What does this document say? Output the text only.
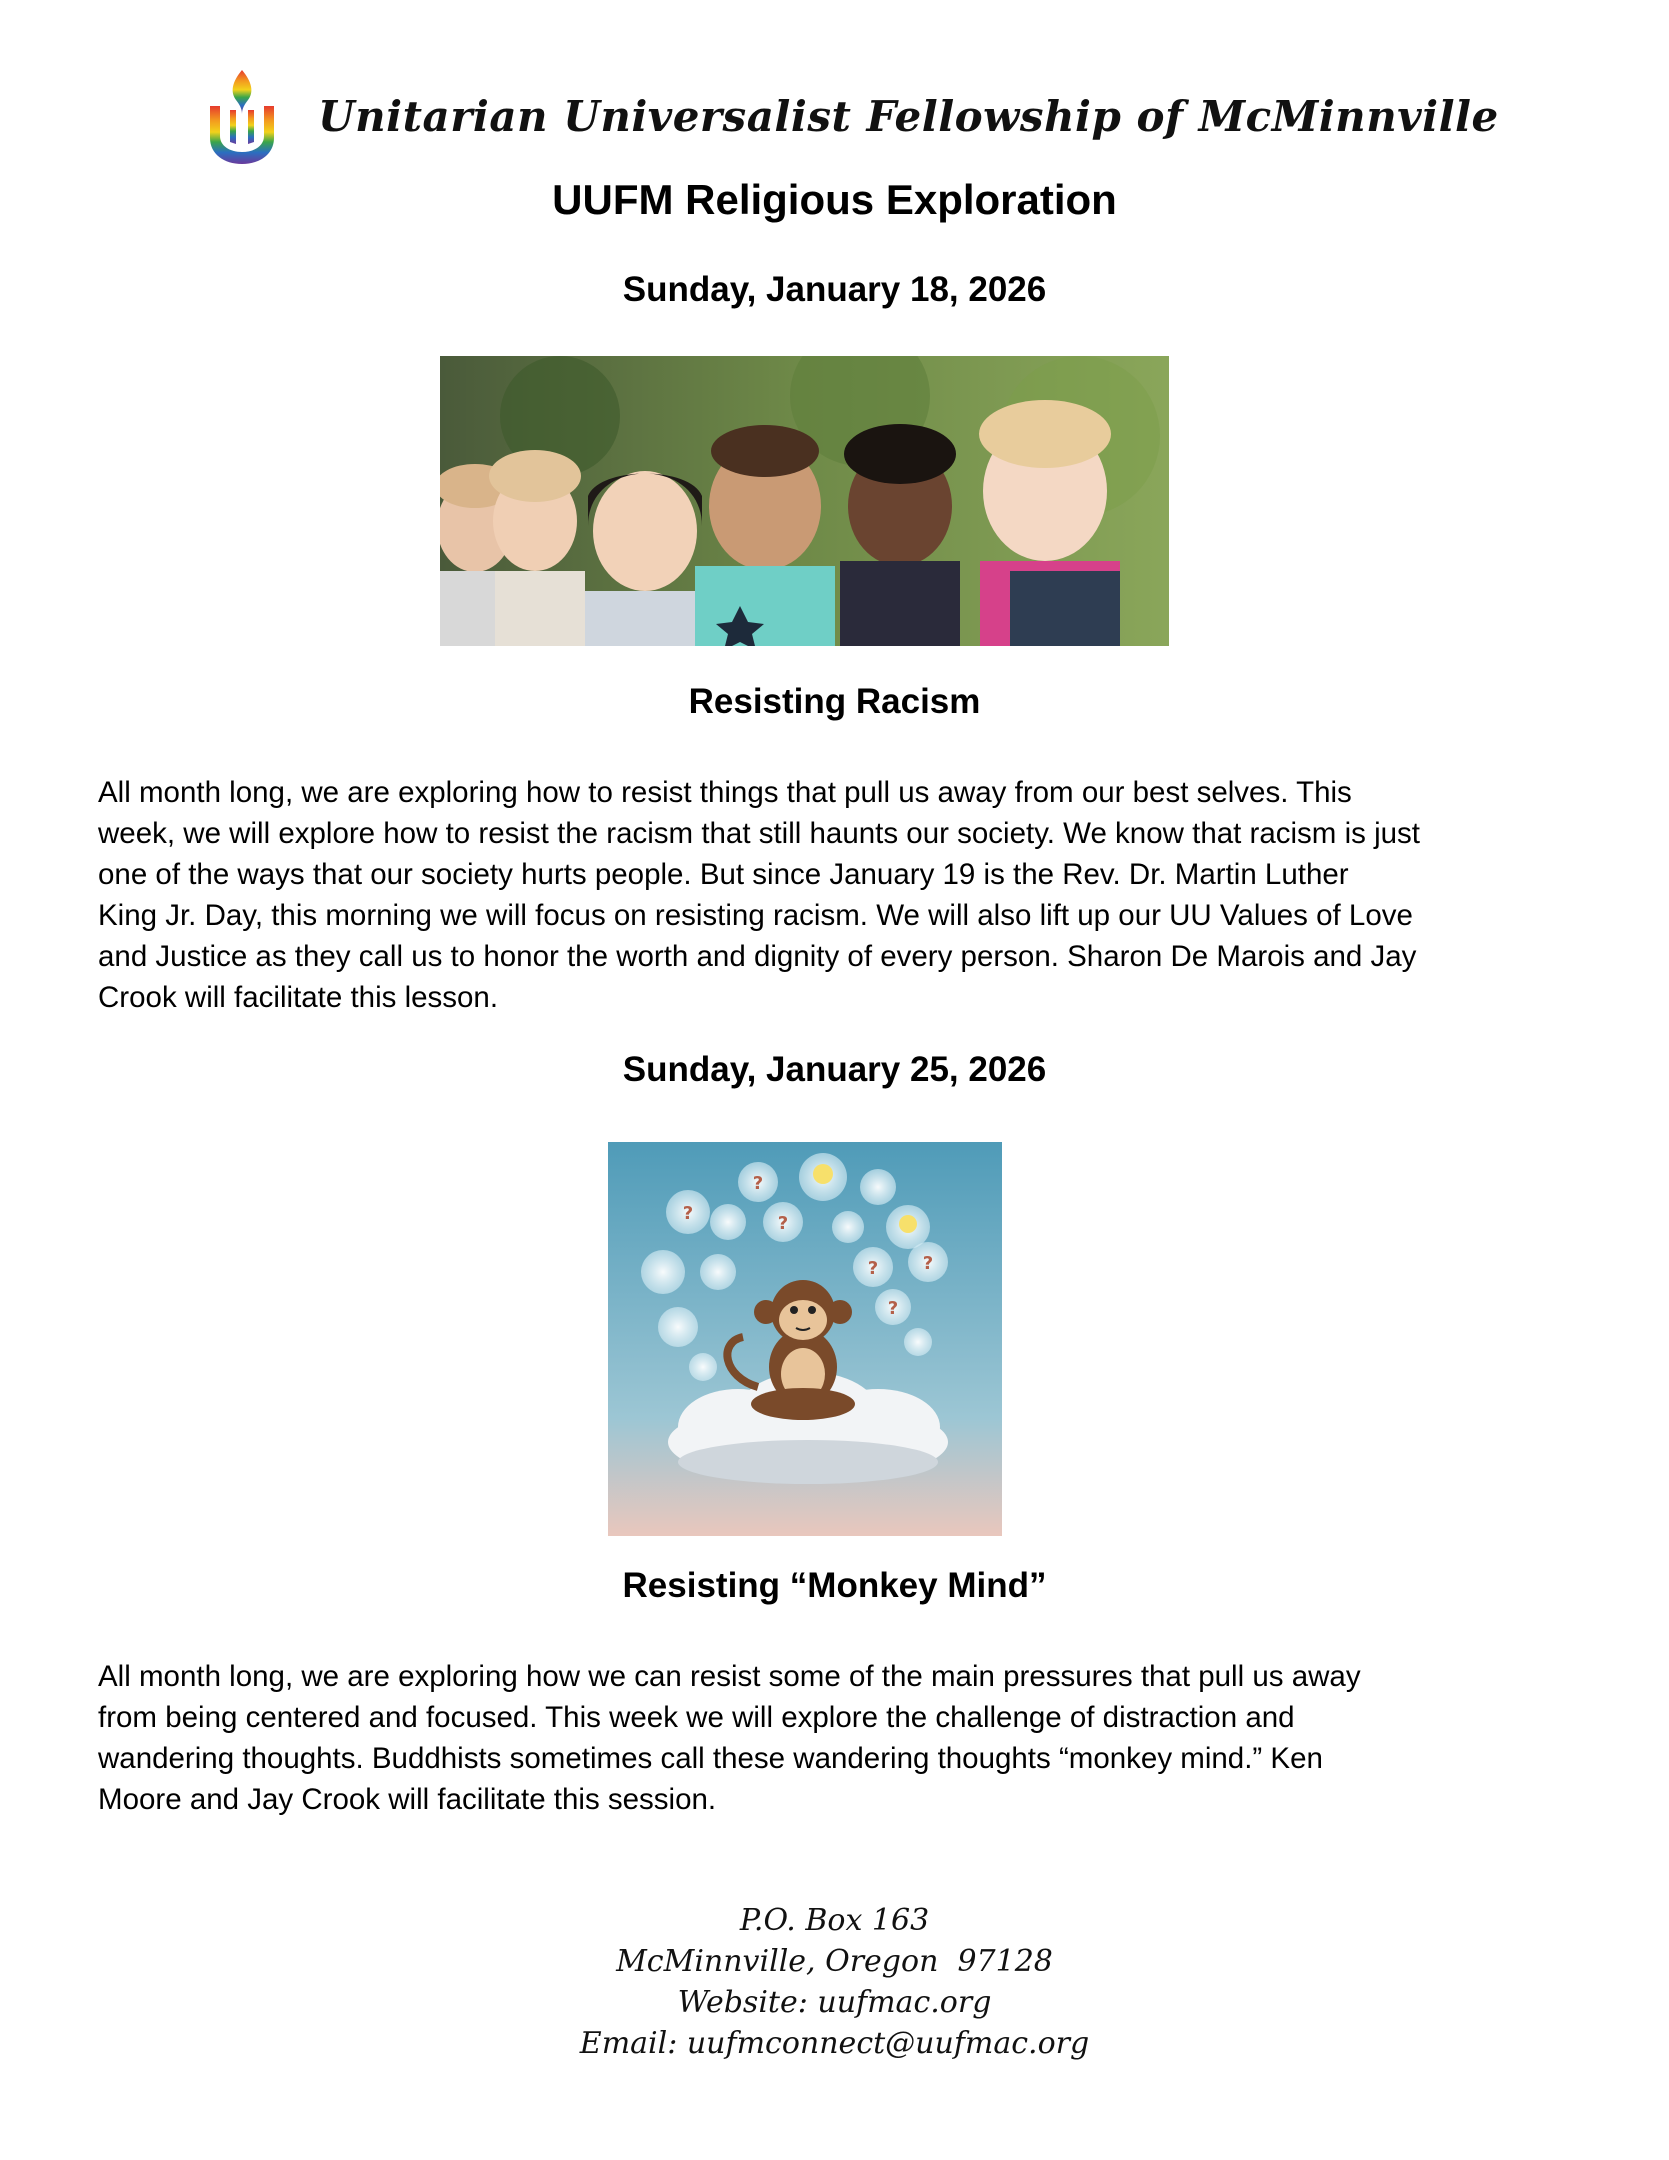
Unitarian Universalist Fellowship of McMinnville
UUFM Religious Exploration
Sunday, January 18, 2026
Resisting Racism
All month long, we are exploring how to resist things that pull us away from our best selves. This
week, we will explore how to resist the racism that still haunts our society. We know that racism is just
one of the ways that our society hurts people. But since January 19 is the Rev. Dr. Martin Luther
King Jr. Day, this morning we will focus on resisting racism. We will also lift up our UU Values of Love
and Justice as they call us to honor the worth and dignity of every person. Sharon De Marois and Jay
Crook will facilitate this lesson.
Sunday, January 25, 2026
?
?
?
? ?
?
Resisting “Monkey Mind”
All month long, we are exploring how we can resist some of the main pressures that pull us away
from being centered and focused. This week we will explore the challenge of distraction and
wandering thoughts. Buddhists sometimes call these wandering thoughts “monkey mind.” Ken
Moore and Jay Crook will facilitate this session.
P.O. Box 163
McMinnville, Oregon  97128
Website: uufmac.org
Email: uufmconnect@uufmac.org
